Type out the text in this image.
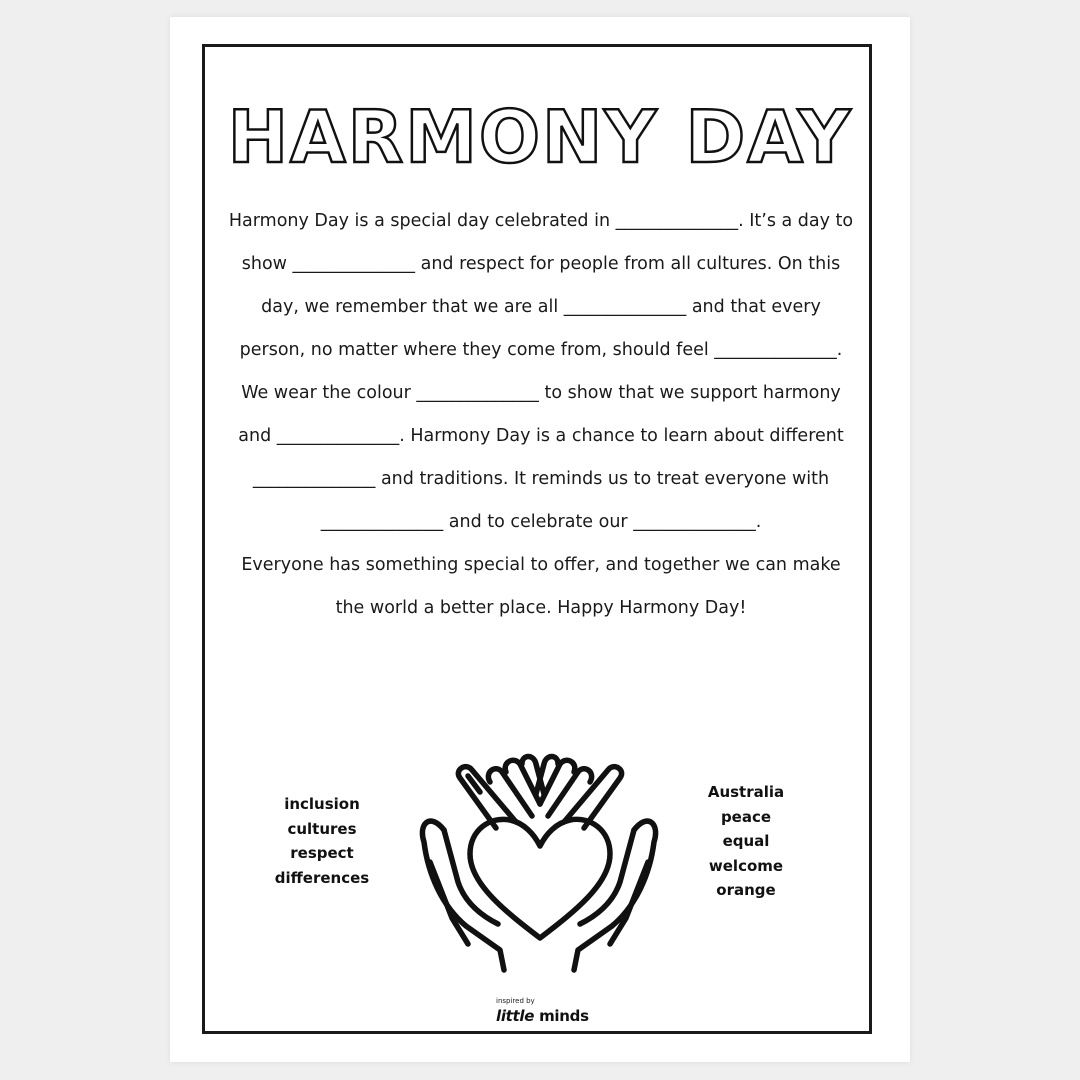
HARMONY DAY

Harmony Day is a special day celebrated in ______________. It’s a day to show ______________ and respect for people from all cultures. On this day, we remember that we are all ______________ and that every person, no matter where they come from, should feel ______________.

We wear the colour ______________ to show that we support harmony and ______________. Harmony Day is a chance to learn about different ______________ and traditions. It reminds us to treat everyone with ______________ and to celebrate our ______________.

Everyone has something special to offer, and together we can make the world a better place. Happy Harmony Day!

inclusion
cultures
respect
differences
Australia
peace
equal
welcome
orange
inspired by
little minds
